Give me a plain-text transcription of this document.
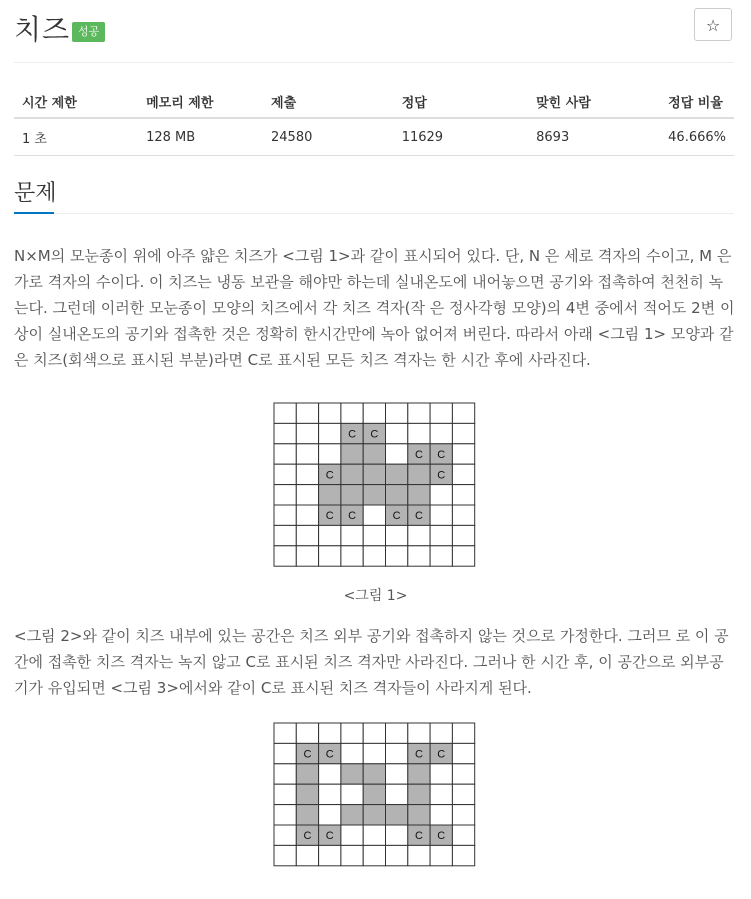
치즈 성공	☆
시간 제한	메모리 제한	제출	정답	맞힌 사람	정답 비율
1 초	128 MB	24580	11629	8693	46.666%
문제

N×M의 모눈종이 위에 아주 얇은 치즈가 <그림 1>과 같이 표시되어 있다. 단, N 은 세로 격자의 수이고, M 은 가로 격자의 수이다. 이 치즈는 냉동 보관을 해야만 하는데 실내온도에 내어놓으면 공기와 접촉하여 천천히 녹는다. 그런데 이러한 모눈종이 모양의 치즈에서 각 치즈 격자(작 은 정사각형 모양)의 4변 중에서 적어도 2변 이상이 실내온도의 공기와 접촉한 것은 정확히 한시간만에 녹아 없어져 버린다. 따라서 아래 <그림 1> 모양과 같은 치즈(회색으로 표시된 부분)라면 C로 표시된 모든 치즈 격자는 한 시간 후에 사라진다.

C C
C C
C	C
C C	C C
<그림 1>

<그림 2>와 같이 치즈 내부에 있는 공간은 치즈 외부 공기와 접촉하지 않는 것으로 가정한다. 그러므 로 이 공간에 접촉한 치즈 격자는 녹지 않고 C로 표시된 치즈 격자만 사라진다. 그러나 한 시간 후, 이 공간으로 외부공기가 유입되면 <그림 3>에서와 같이 C로 표시된 치즈 격자들이 사라지게 된다.

C C	C C
C C	C C
